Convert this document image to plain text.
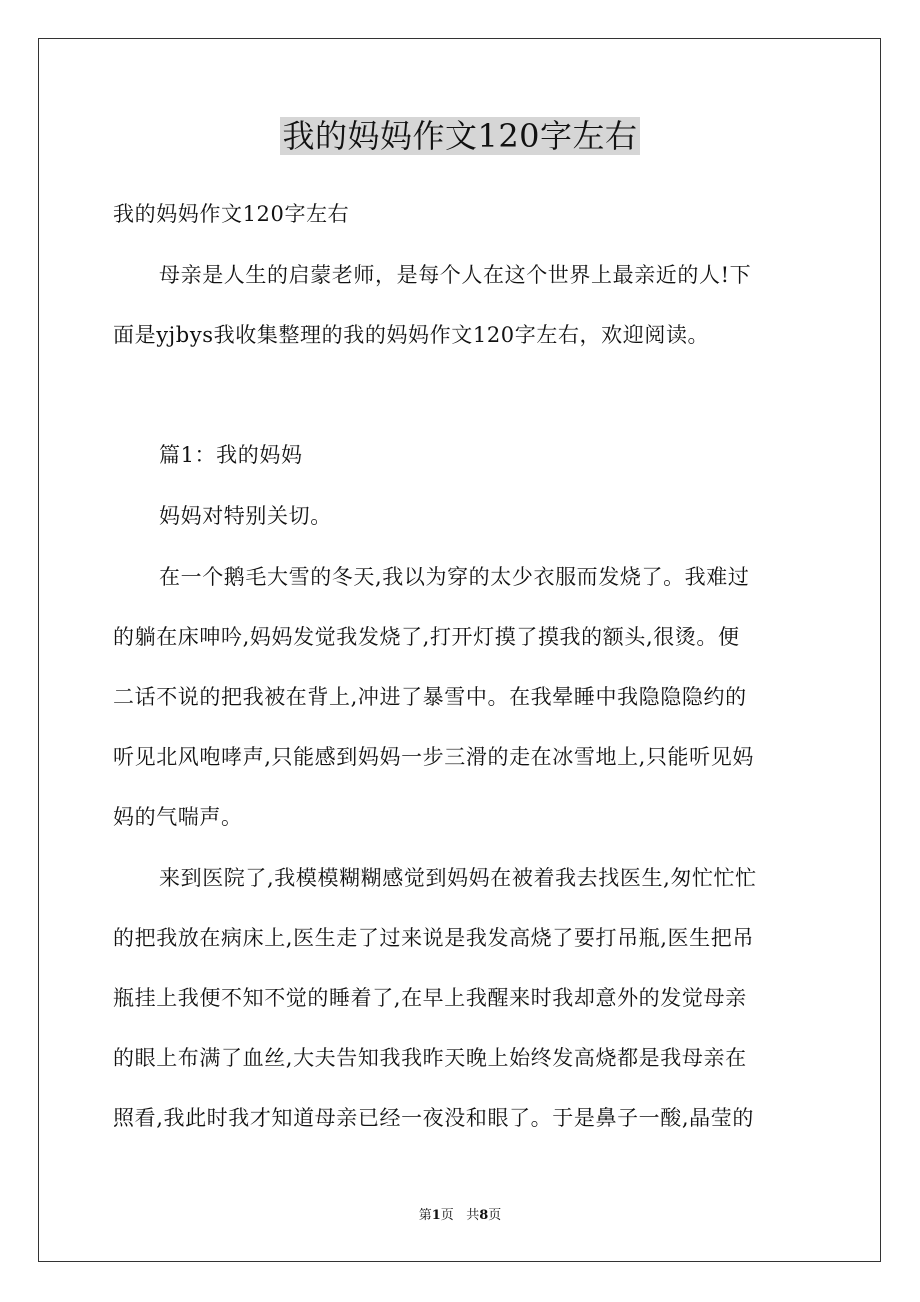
我的妈妈作文120字左右
我的妈妈作文120字左右
母亲是人生的启蒙老师，是每个人在这个世界上最亲近的人!下
面是yjbys我收集整理的我的妈妈作文120字左右，欢迎阅读。
篇1：我的妈妈
妈妈对特别关切。
在一个鹅毛大雪的冬天,我以为穿的太少衣服而发烧了。我难过
的躺在床呻吟,妈妈发觉我发烧了,打开灯摸了摸我的额头,很烫。便
二话不说的把我被在背上,冲进了暴雪中。在我晕睡中我隐隐隐约的
听见北风咆哮声,只能感到妈妈一步三滑的走在冰雪地上,只能听见妈
妈的气喘声。
来到医院了,我模模糊糊感觉到妈妈在被着我去找医生,匆忙忙忙
的把我放在病床上,医生走了过来说是我发高烧了要打吊瓶,医生把吊
瓶挂上我便不知不觉的睡着了,在早上我醒来时我却意外的发觉母亲
的眼上布满了血丝,大夫告知我我昨天晚上始终发高烧都是我母亲在
照看,我此时我才知道母亲已经一夜没和眼了。于是鼻子一酸,晶莹的
第1页 共8页
